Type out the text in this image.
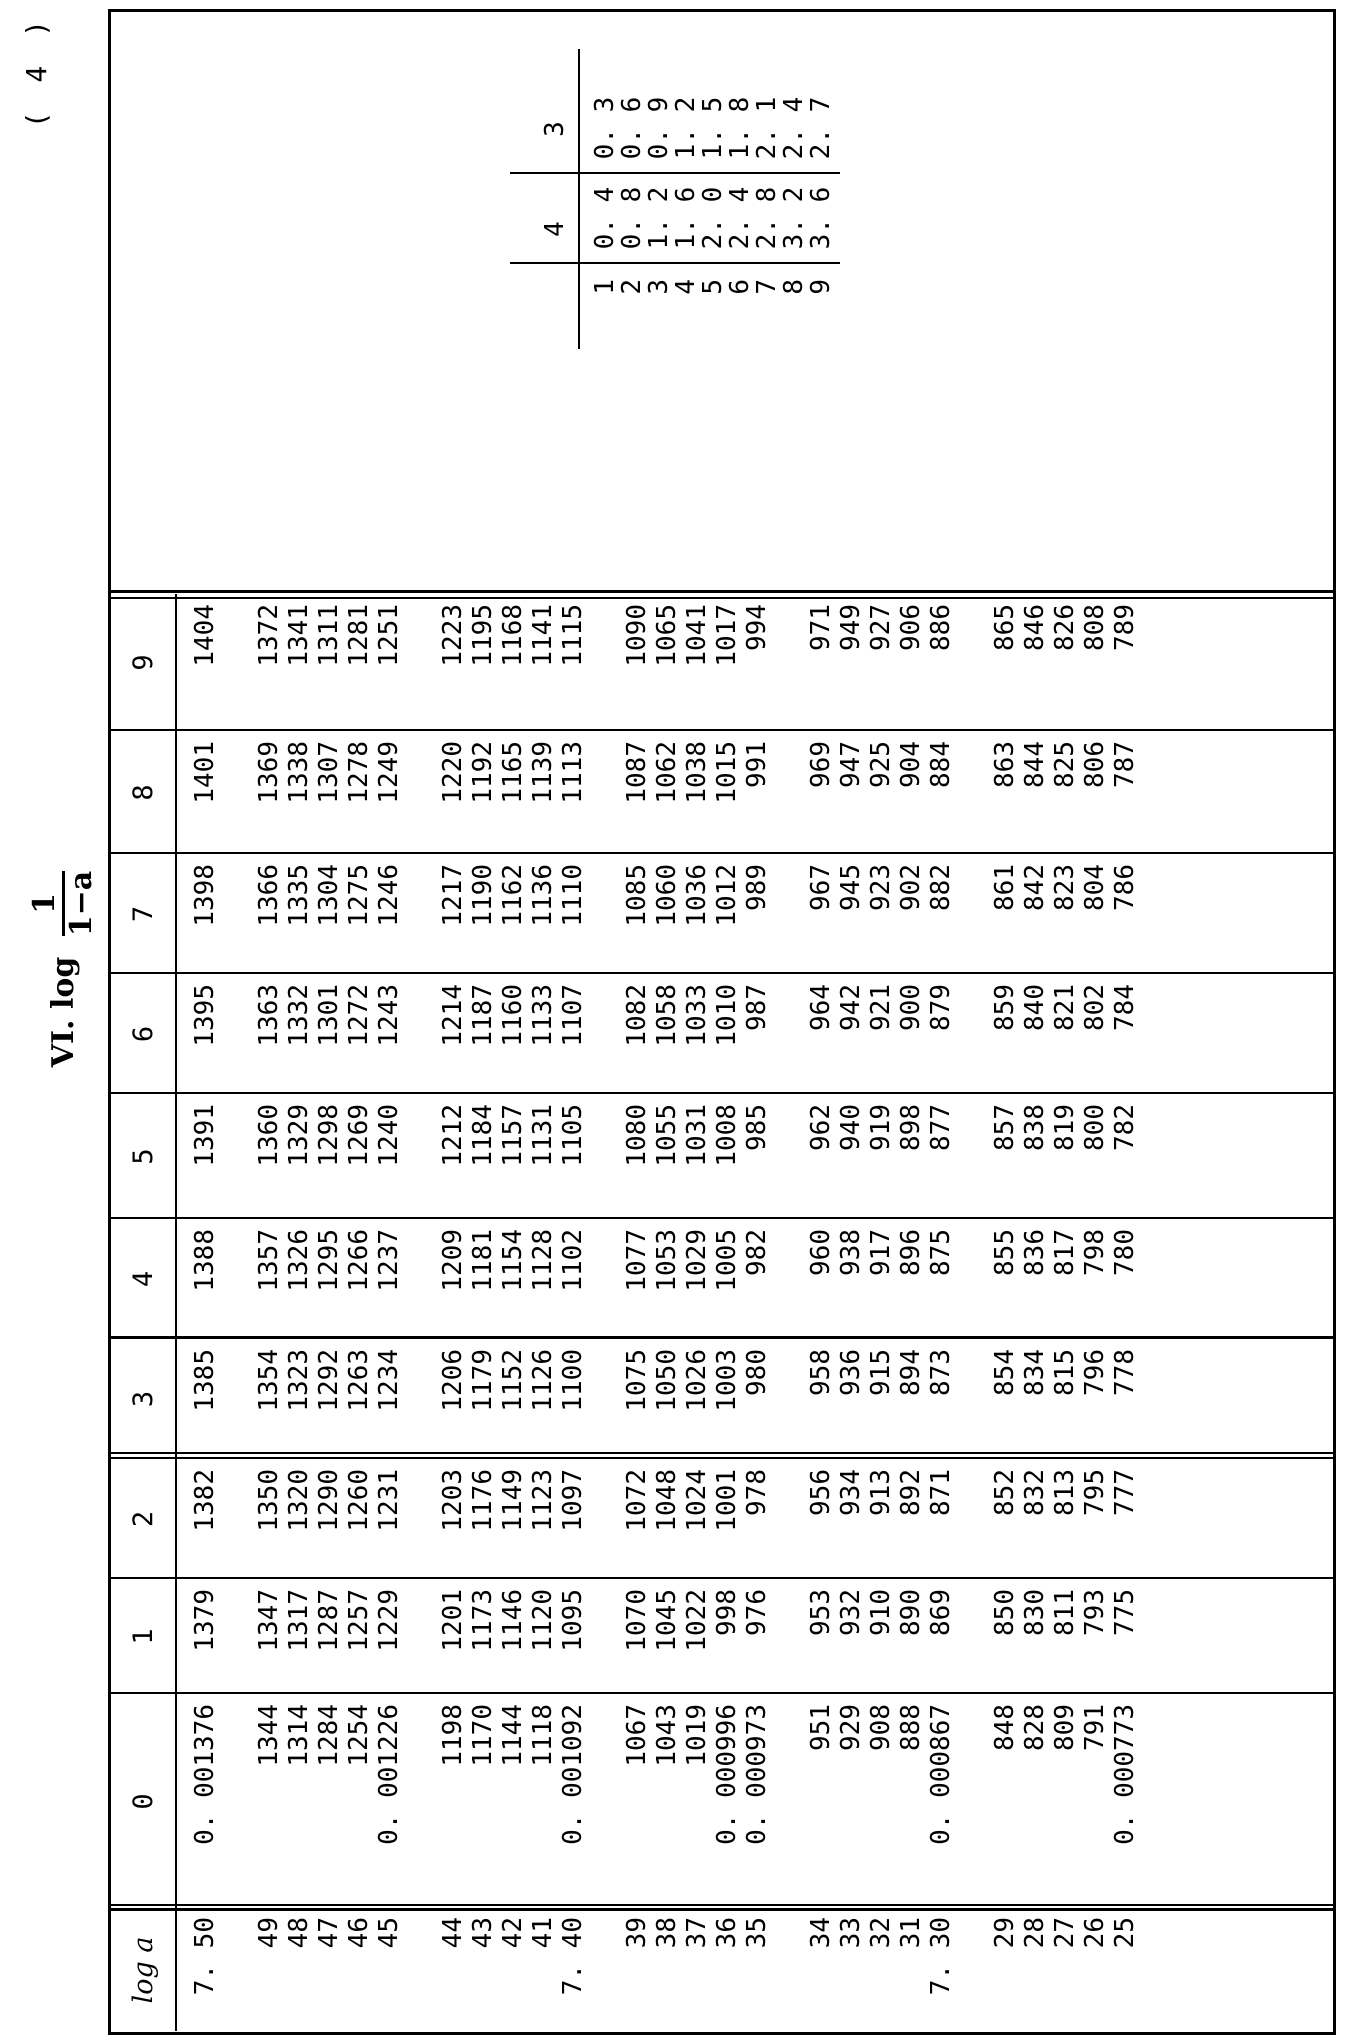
( 4 )
VI. log
1 1−a
log a
0
1
2
3
4
5
6
7
8
9
7. 50
0. 001376
1379
1382
1385
1388
1391
1395
1398
1401
1404
49
1344
1347
1350
1354
1357
1360
1363
1366
1369
1372
48
1314
1317
1320
1323
1326
1329
1332
1335
1338
1341
47
1284
1287
1290
1292
1295
1298
1301
1304
1307
1311
46
1254
1257
1260
1263
1266
1269
1272
1275
1278
1281
45
0. 001226
1229
1231
1234
1237
1240
1243
1246
1249
1251
44
1198
1201
1203
1206
1209
1212
1214
1217
1220
1223
43
1170
1173
1176
1179
1181
1184
1187
1190
1192
1195
42
1144
1146
1149
1152
1154
1157
1160
1162
1165
1168
41
1118
1120
1123
1126
1128
1131
1133
1136
1139
1141
7. 40
0. 001092
1095
1097
1100
1102
1105
1107
1110
1113
1115
39
1067
1070
1072
1075
1077
1080
1082
1085
1087
1090
38
1043
1045
1048
1050
1053
1055
1058
1060
1062
1065
37
1019
1022
1024
1026
1029
1031
1033
1036
1038
1041
36
0. 000996
998
1001
1003
1005
1008
1010
1012
1015
1017
35
0. 000973
976
978
980
982
985
987
989
991
994
34
951
953
956
958
960
962
964
967
969
971
33
929
932
934
936
938
940
942
945
947
949
32
908
910
913
915
917
919
921
923
925
927
31
888
890
892
894
896
898
900
902
904
906
7. 30
0. 000867
869
871
873
875
877
879
882
884
886
29
848
850
852
854
855
857
859
861
863
865
28
828
830
832
834
836
838
840
842
844
846
27
809
811
813
815
817
819
821
823
825
826
26
791
793
795
796
798
800
802
804
806
808
25
0. 000773
775
777
778
780
782
784
786
787
789
4
3
1
0. 4
0. 3
2
0. 8
0. 6
3
1. 2
0. 9
4
1. 6
1. 2
5
2. 0
1. 5
6
2. 4
1. 8
7
2. 8
2. 1
8
3. 2
2. 4
9
3. 6
2. 7
